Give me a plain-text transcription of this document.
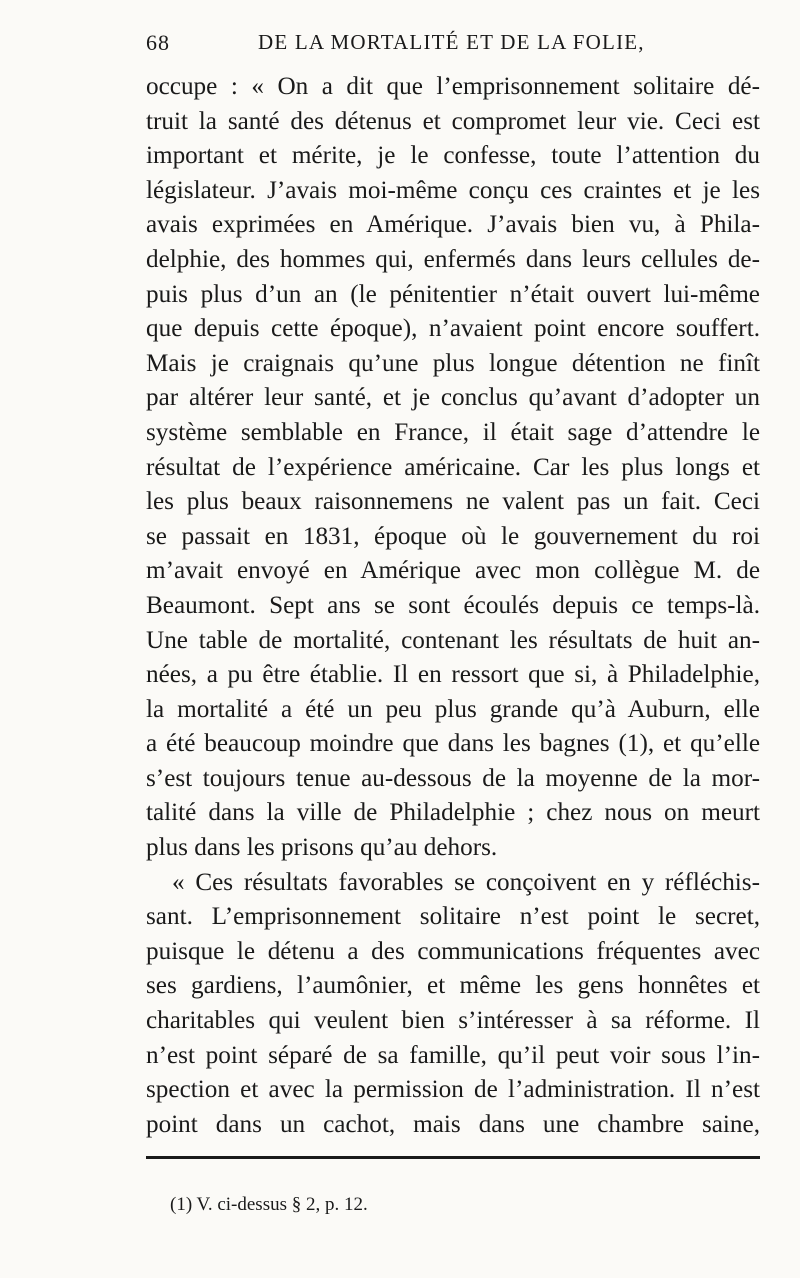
68	DE LA MORTALITÉ ET DE LA FOLIE,
occupe : « On a dit que l’emprisonnement solitaire dé-
truit la santé des détenus et compromet leur vie. Ceci est
important et mérite, je le confesse, toute l’attention du
législateur. J’avais moi-même conçu ces craintes et je les
avais exprimées en Amérique. J’avais bien vu, à Phila-
delphie, des hommes qui, enfermés dans leurs cellules de-
puis plus d’un an (le pénitentier n’était ouvert lui-même
que depuis cette époque), n’avaient point encore souffert.
Mais je craignais qu’une plus longue détention ne finît
par altérer leur santé, et je conclus qu’avant d’adopter un
système semblable en France, il était sage d’attendre le
résultat de l’expérience américaine. Car les plus longs et
les plus beaux raisonnemens ne valent pas un fait. Ceci
se passait en 1831, époque où le gouvernement du roi
m’avait envoyé en Amérique avec mon collègue M. de
Beaumont. Sept ans se sont écoulés depuis ce temps-là.
Une table de mortalité, contenant les résultats de huit an-
nées, a pu être établie. Il en ressort que si, à Philadelphie,
la mortalité a été un peu plus grande qu’à Auburn, elle
a été beaucoup moindre que dans les bagnes (1), et qu’elle
s’est toujours tenue au-dessous de la moyenne de la mor-
talité dans la ville de Philadelphie ; chez nous on meurt
plus dans les prisons qu’au dehors.
« Ces résultats favorables se conçoivent en y réfléchis-
sant. L’emprisonnement solitaire n’est point le secret,
puisque le détenu a des communications fréquentes avec
ses gardiens, l’aumônier, et même les gens honnêtes et
charitables qui veulent bien s’intéresser à sa réforme. Il
n’est point séparé de sa famille, qu’il peut voir sous l’in-
spection et avec la permission de l’administration. Il n’est
point dans un cachot, mais dans une chambre saine,
(1) V. ci-dessus § 2, p. 12.
